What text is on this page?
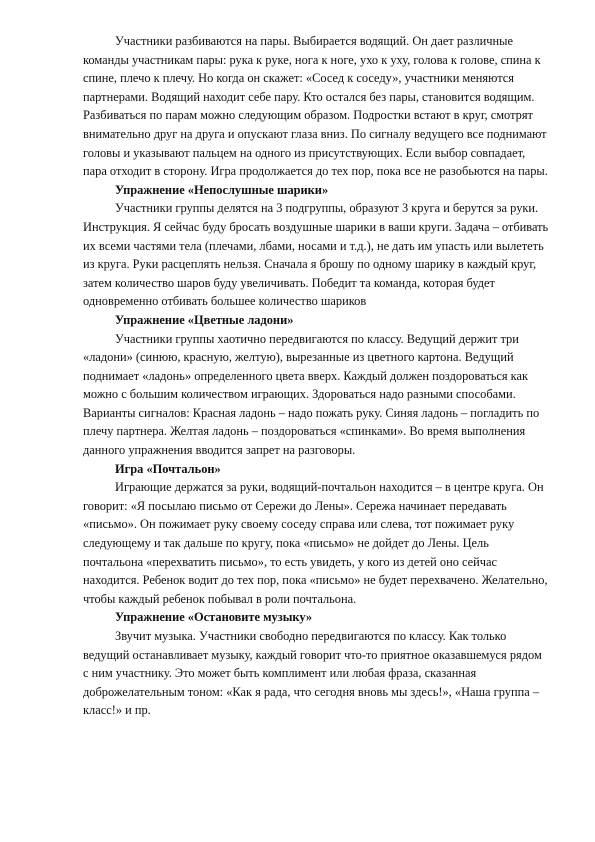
Участники разбиваются на пары. Выбирается водящий. Он дает различные команды участникам пары: рука к руке, нога к ноге, ухо к уху, голова к голове, спина к спине, плечо к плечу. Но когда он скажет: «Сосед к соседу», участники меняются партнерами. Водящий находит себе пару. Кто остался без пары, становится водящим. Разбиваться по парам можно следующим образом. Подростки встают в круг, смотрят внимательно друг на друга и опускают глаза вниз. По сигналу ведущего все поднимают головы и указывают пальцем на одного из присутствующих. Если выбор совпадает, пара отходит в сторону. Игра продолжается до тех пор, пока все не разобьются на пары.

Упражнение «Непослушные шарики»

Участники группы делятся на 3 подгруппы, образуют 3 круга и берутся за руки. Инструкция. Я сейчас буду бросать воздушные шарики в ваши круги. Задача – отбивать их всеми частями тела (плечами, лбами, носами и т.д.), не дать им упасть или вылететь из круга. Руки расцеплять нельзя. Сначала я брошу по одному шарику в каждый круг, затем количество шаров буду увеличивать. Победит та команда, которая будет одновременно отбивать большее количество шариков

Упражнение «Цветные ладони»

Участники группы хаотично передвигаются по классу. Ведущий держит три «ладони» (синюю, красную, желтую), вырезанные из цветного картона. Ведущий поднимает «ладонь» определенного цвета вверх. Каждый должен поздороваться как можно с большим количеством играющих. Здороваться надо разными способами. Варианты сигналов: Красная ладонь – надо пожать руку. Синяя ладонь – погладить по плечу партнера. Желтая ладонь – поздороваться «спинками». Во время выполнения данного упражнения вводится запрет на разговоры.

Игра «Почтальон»

Играющие держатся за руки, водящий-почтальон находится – в центре круга. Он говорит: «Я посылаю письмо от Сережи до Лены». Сережа начинает передавать «письмо». Он пожимает руку своему соседу справа или слева, тот пожимает руку следующему и так дальше по кругу, пока «письмо» не дойдет до Лены. Цель почтальона «перехватить письмо», то есть увидеть, у кого из детей оно сейчас находится. Ребенок водит до тех пор, пока «письмо» не будет перехвачено. Желательно, чтобы каждый ребенок побывал в роли почтальона.

Упражнение «Остановите музыку»

Звучит музыка. Участники свободно передвигаются по классу. Как только ведущий останавливает музыку, каждый говорит что-то приятное оказавшемуся рядом с ним участнику. Это может быть комплимент или любая фраза, сказанная доброжелательным тоном: «Как я рада, что сегодня вновь мы здесь!», «Наша группа – класс!» и пр.
